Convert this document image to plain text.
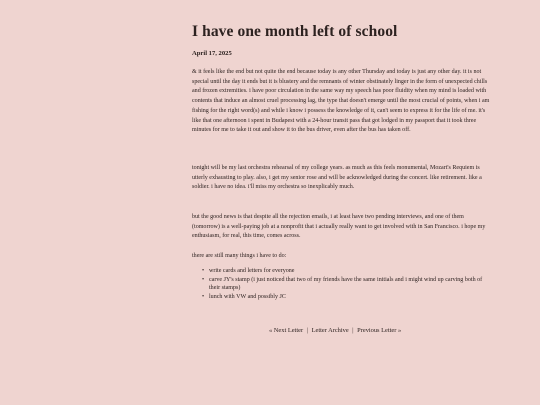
I have one month left of school
April 17, 2025

& it feels like the end but not quite the end because today is any other Thursday and today is just any other day. it is not special until the day it ends but it is blustery and the remnants of winter obstinately linger in the form of unexpected chills and frozen extremities. i have poor circulation in the same way my speech has poor fluidity when my mind is loaded with contents that induce an almost cruel processing lag, the type that doesn't emerge until the most crucial of points, when i am fishing for the right word(s) and while i know i possess the knowledge of it, can't seem to express it for the life of me. it's like that one afternoon i spent in Budapest with a 24-hour transit pass that got lodged in my passport that it took three minutes for me to take it out and show it to the bus driver, even after the bus has taken off.

tonight will be my last orchestra rehearsal of my college years. as much as this feels monumental, Mozart's Requiem is utterly exhausting to play. also, i get my senior rose and will be acknowledged during the concert. like retirement. like a soldier. i have no idea. i'll miss my orchestra so inexplicably much.

but the good news is that despite all the rejection emails, i at least have two pending interviews, and one of them (tomorrow) is a well-paying job at a nonprofit that i actually really want to get involved with in San Francisco. i hope my enthusiasm, for real, this time, comes across.

there are still many things i have to do:

• write cards and letters for everyone
• carve JY's stamp (i just noticed that two of my friends have the same initials and i might wind up carving both of their stamps)
• lunch with VW and possibly JC
« Next Letter | Letter Archive | Previous Letter »
